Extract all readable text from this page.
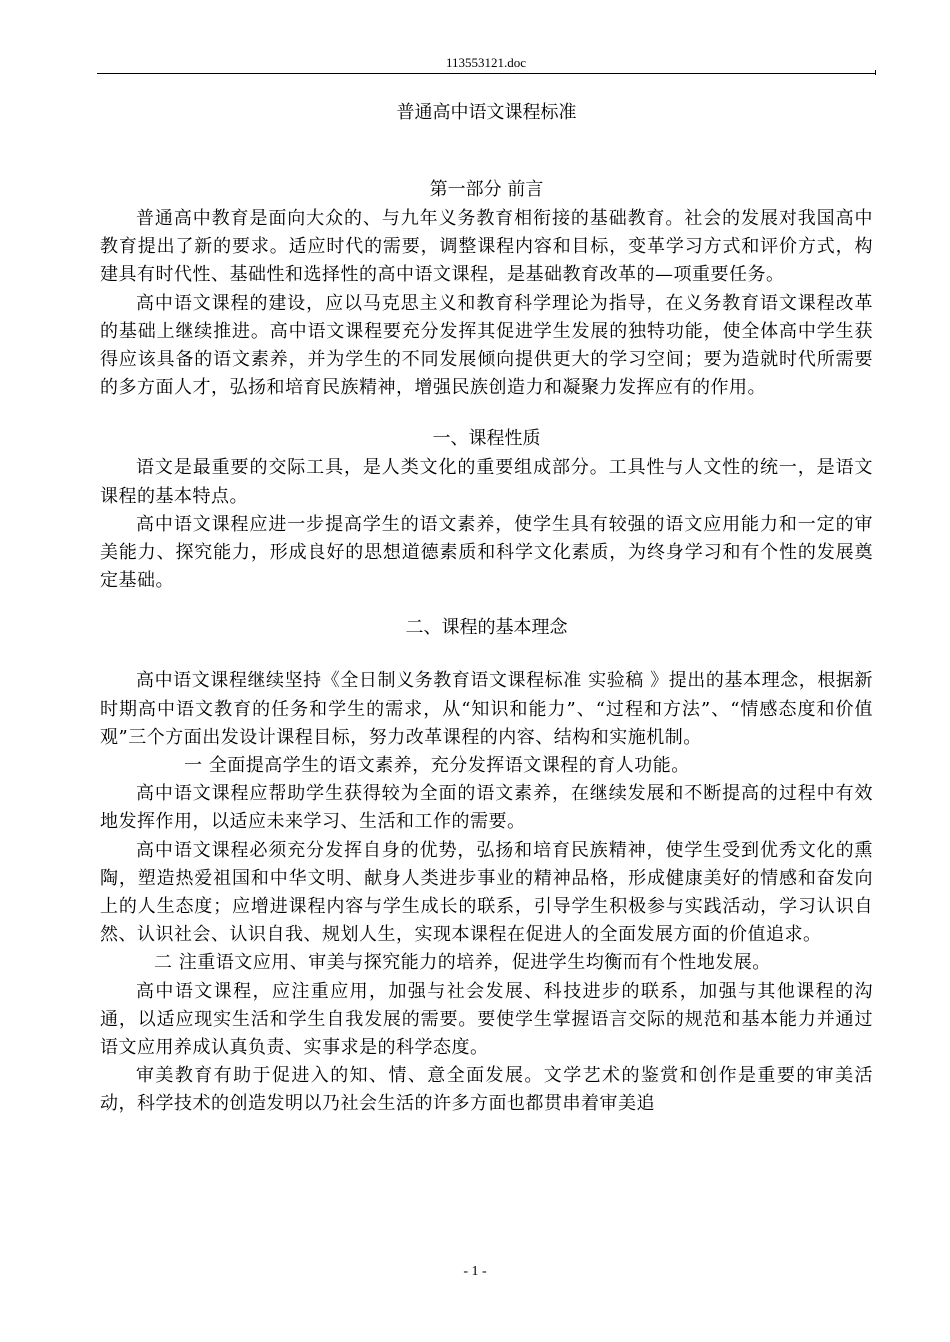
113553121.doc

普通高中语文课程标准

第一部分 前言

普通高中教育是面向大众的、与九年义务教育相衔接的基础教育。社会的发展对我国高中教育提出了新的要求。适应时代的需要，调整课程内容和目标，变革学习方式和评价方式，构建具有时代性、基础性和选择性的高中语文课程，是基础教育改革的—项重要任务。

高中语文课程的建设，应以马克思主义和教育科学理论为指导，在义务教育语文课程改革的基础上继续推进。高中语文课程要充分发挥其促进学生发展的独特功能，使全体高中学生获得应该具备的语文素养，并为学生的不同发展倾向提供更大的学习空间；要为造就时代所需要的多方面人才，弘扬和培育民族精神，增强民族创造力和凝聚力发挥应有的作用。

一、课程性质

语文是最重要的交际工具，是人类文化的重要组成部分。工具性与人文性的统一，是语文课程的基本特点。

高中语文课程应进一步提高学生的语文素养，使学生具有较强的语文应用能力和一定的审美能力、探究能力，形成良好的思想道德素质和科学文化素质，为终身学习和有个性的发展奠定基础。

二、课程的基本理念

高中语文课程继续坚持《全日制义务教育语文课程标准 实验稿 》提出的基本理念，根据新时期高中语文教育的任务和学生的需求，从“知识和能力”、“过程和方法”、“情感态度和价值观”三个方面出发设计课程目标，努力改革课程的内容、结构和实施机制。

一 全面提高学生的语文素养，充分发挥语文课程的育人功能。

高中语文课程应帮助学生获得较为全面的语文素养，在继续发展和不断提高的过程中有效地发挥作用，以适应未来学习、生活和工作的需要。

高中语文课程必须充分发挥自身的优势，弘扬和培育民族精神，使学生受到优秀文化的熏陶，塑造热爱祖国和中华文明、献身人类进步事业的精神品格，形成健康美好的情感和奋发向上的人生态度；应增进课程内容与学生成长的联系，引导学生积极参与实践活动，学习认识自然、认识社会、认识自我、规划人生，实现本课程在促进人的全面发展方面的价值追求。

二 注重语文应用、审美与探究能力的培养，促进学生均衡而有个性地发展。

高中语文课程，应注重应用，加强与社会发展、科技进步的联系，加强与其他课程的沟通，以适应现实生活和学生自我发展的需要。要使学生掌握语言交际的规范和基本能力并通过语文应用养成认真负责、实事求是的科学态度。

审美教育有助于促进入的知、情、意全面发展。文学艺术的鉴赏和创作是重要的审美活动，科学技术的创造发明以乃社会生活的许多方面也都贯串着审美追

- 1 -
